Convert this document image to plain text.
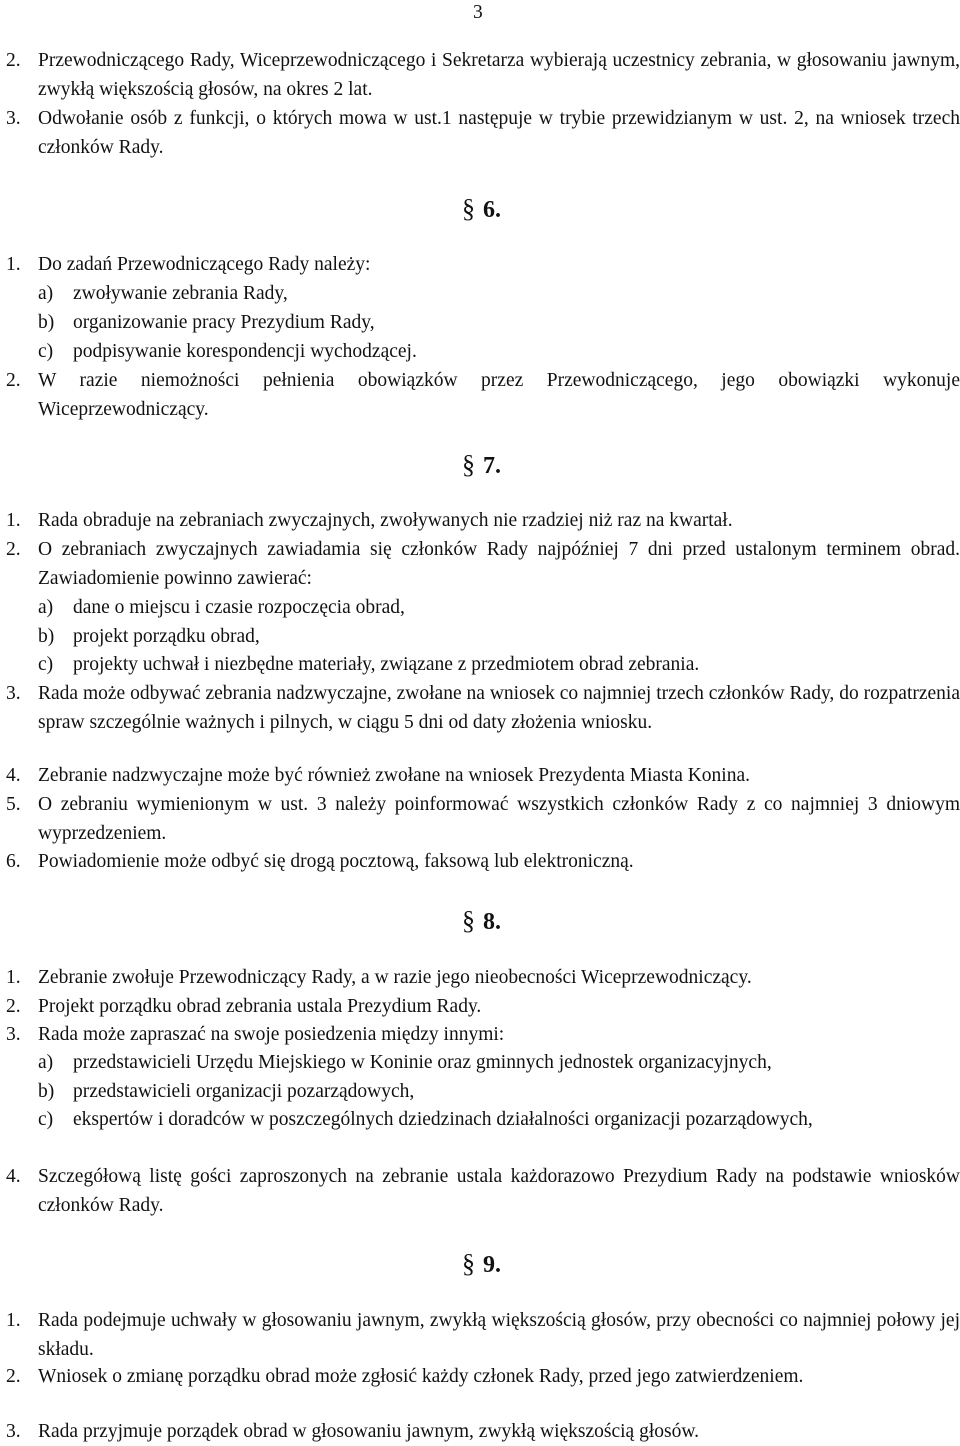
3
2. Przewodniczącego Rady, Wiceprzewodniczącego i Sekretarza wybierają uczestnicy zebrania, w głosowaniu jawnym, zwykłą większością głosów, na okres 2 lat.
3. Odwołanie osób z funkcji, o których mowa w ust.1 następuje w trybie przewidzianym w ust. 2, na wniosek trzech członków Rady.
§ 6.
1. Do zadań Przewodniczącego Rady należy:
a) zwoływanie zebrania Rady,
b) organizowanie pracy Prezydium Rady,
c) podpisywanie korespondencji wychodzącej.
2. W razie niemożności pełnienia obowiązków przez Przewodniczącego, jego obowiązki wykonuje Wiceprzewodniczący.
§ 7.
1. Rada obraduje na zebraniach zwyczajnych, zwoływanych nie rzadziej niż raz na kwartał.
2. O zebraniach zwyczajnych zawiadamia się członków Rady najpóźniej 7 dni przed ustalonym terminem obrad. Zawiadomienie powinno zawierać:
a) dane o miejscu i czasie rozpoczęcia obrad,
b) projekt porządku obrad,
c) projekty uchwał i niezbędne materiały, związane z przedmiotem obrad zebrania.
3. Rada może odbywać zebrania nadzwyczajne, zwołane na wniosek co najmniej trzech członków Rady, do rozpatrzenia spraw szczególnie ważnych i pilnych, w ciągu 5 dni od daty złożenia wniosku.
4. Zebranie nadzwyczajne może być również zwołane na wniosek Prezydenta Miasta Konina.
5. O zebraniu wymienionym w ust. 3 należy poinformować wszystkich członków Rady z co najmniej 3 dniowym wyprzedzeniem.
6. Powiadomienie może odbyć się drogą pocztową, faksową lub elektroniczną.
§ 8.
1. Zebranie zwołuje Przewodniczący Rady, a w razie jego nieobecności Wiceprzewodniczący.
2. Projekt porządku obrad zebrania ustala Prezydium Rady.
3. Rada może zapraszać na swoje posiedzenia między innymi:
a) przedstawicieli Urzędu Miejskiego w Koninie oraz gminnych jednostek organizacyjnych,
b) przedstawicieli organizacji pozarządowych,
c) ekspertów i doradców w poszczególnych dziedzinach działalności organizacji pozarządowych,
4. Szczegółową listę gości zaproszonych na zebranie ustala każdorazowo Prezydium Rady na podstawie wniosków członków Rady.
§ 9.
1. Rada podejmuje uchwały w głosowaniu jawnym, zwykłą większością głosów, przy obecności co najmniej połowy jej składu.
2. Wniosek o zmianę porządku obrad może zgłosić każdy członek Rady, przed jego zatwierdzeniem.
3. Rada przyjmuje porządek obrad w głosowaniu jawnym, zwykłą większością głosów.
